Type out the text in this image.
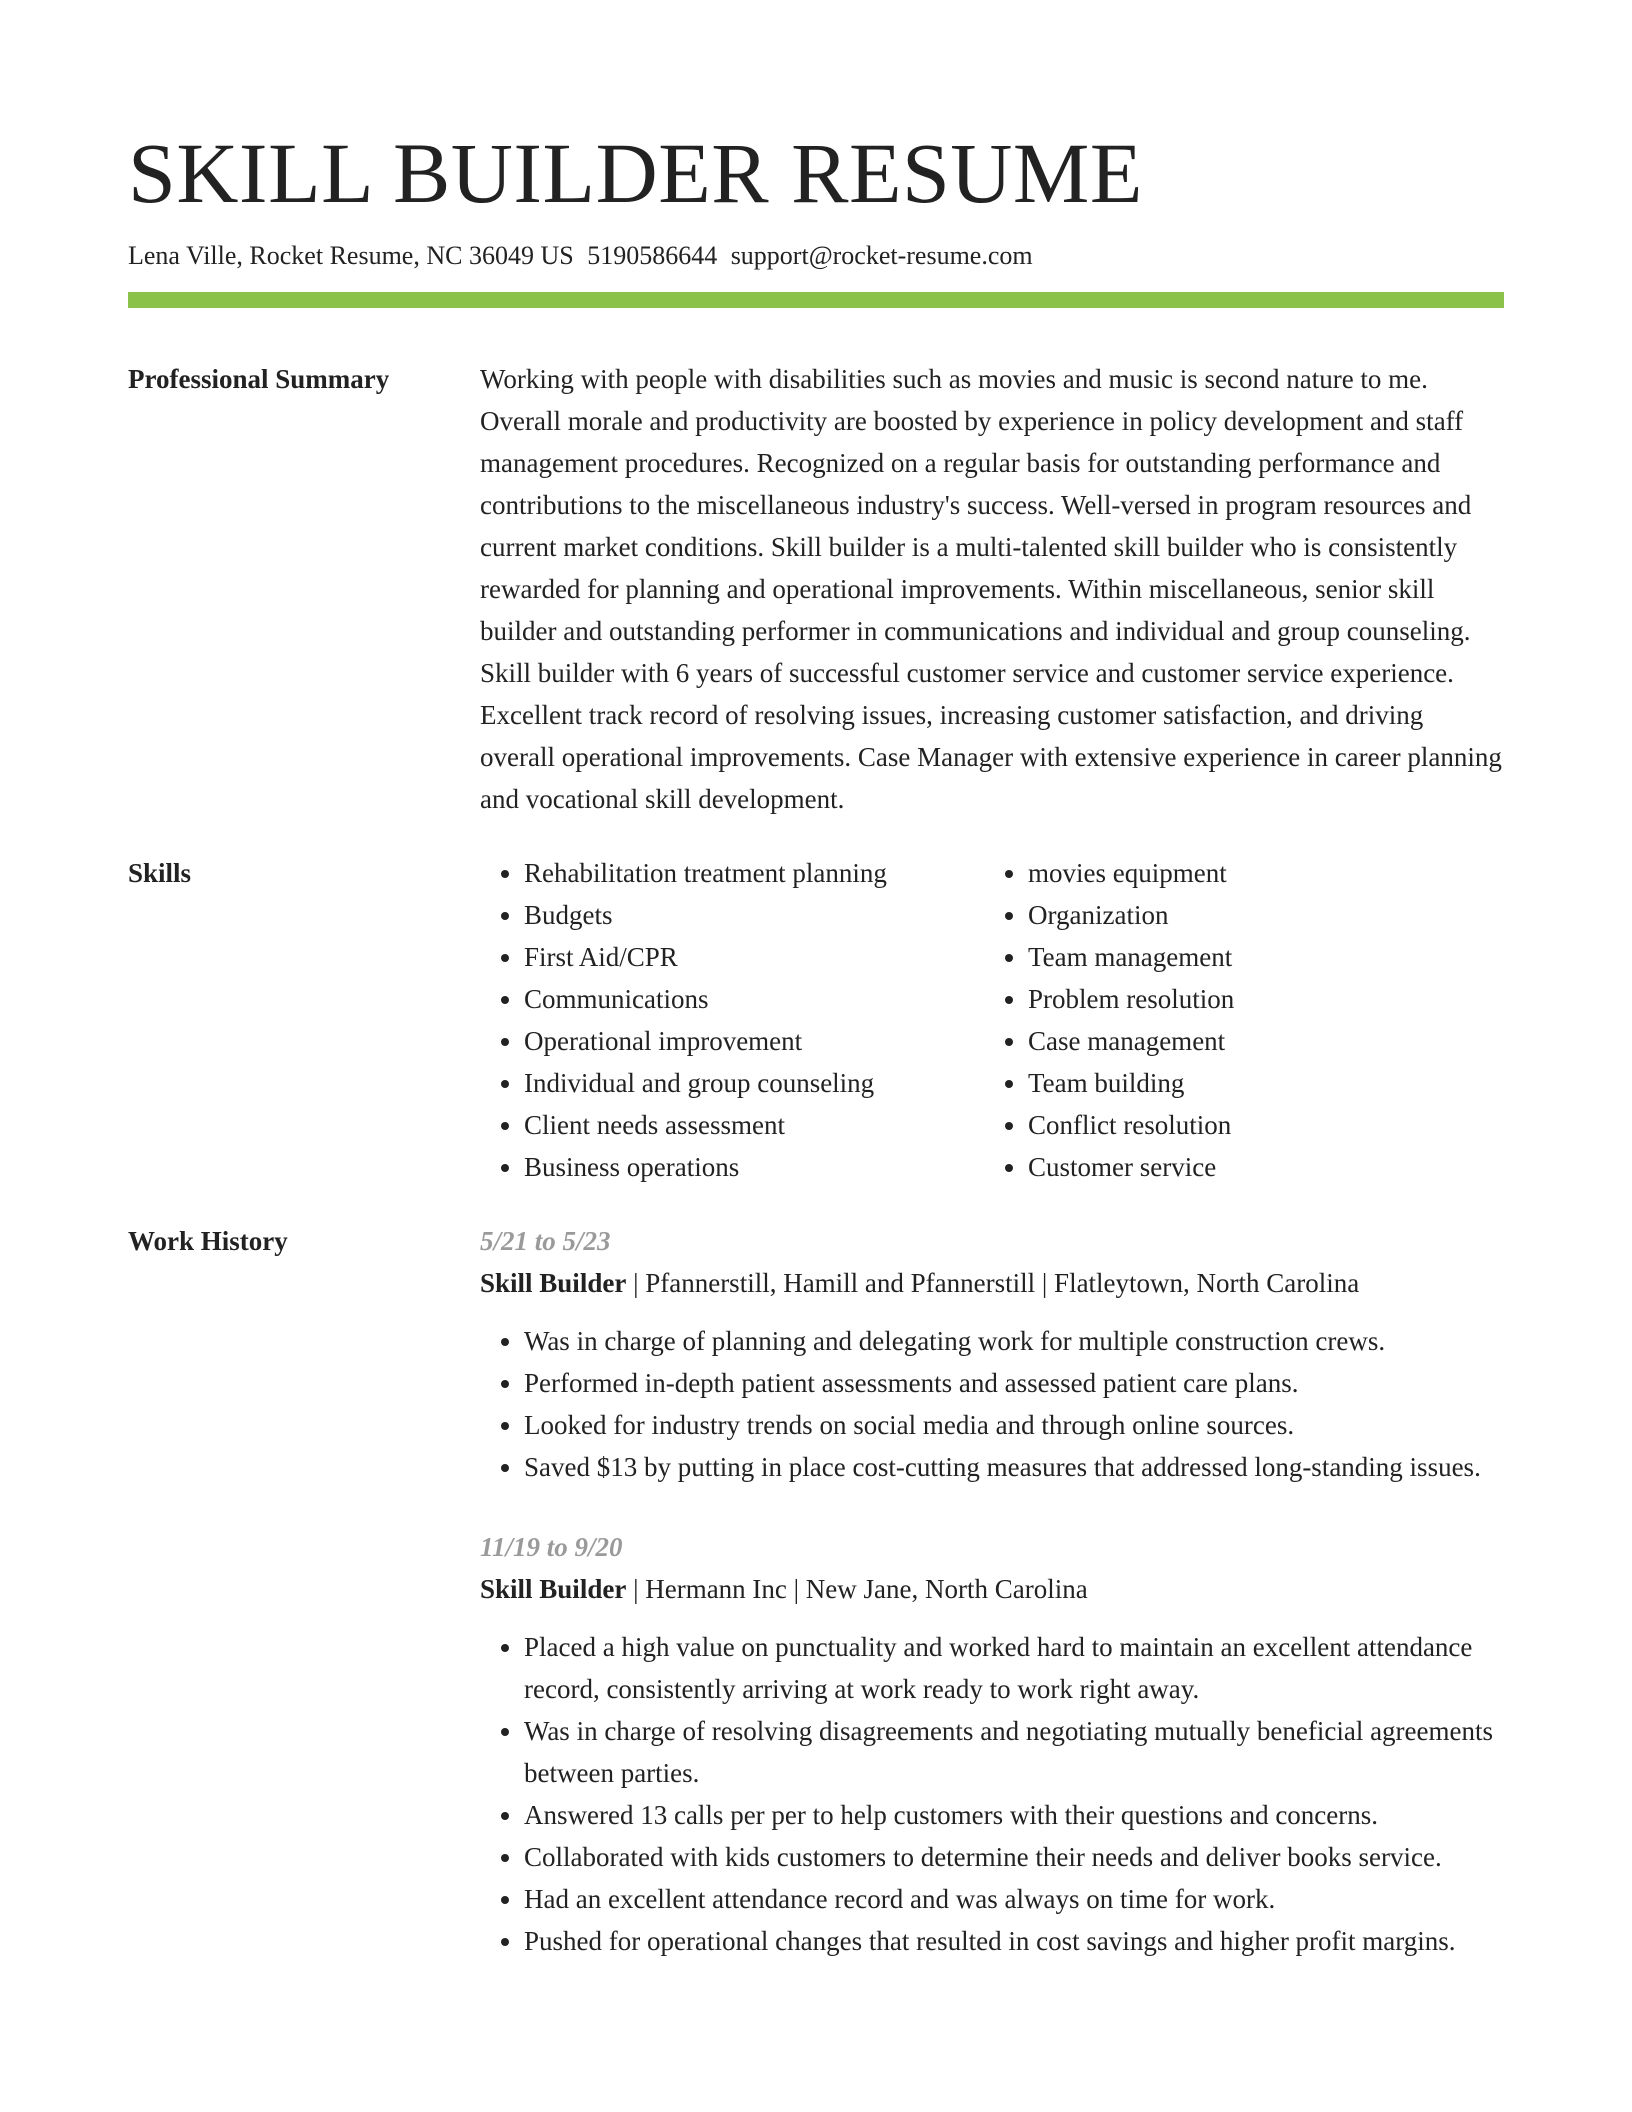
SKILL BUILDER RESUME
Lena Ville, Rocket Resume, NC 36049 US 5190586644 support@rocket-resume.com
Professional Summary	Working with people with disabilities such as movies and music is second nature to me. Overall morale and productivity are boosted by experience in policy development and staff management procedures. Recognized on a regular basis for outstanding performance and contributions to the miscellaneous industry's success. Well-versed in program resources and current market conditions. Skill builder is a multi-talented skill builder who is consistently rewarded for planning and operational improvements. Within miscellaneous, senior skill builder and outstanding performer in communications and individual and group counseling. Skill builder with 6 years of successful customer service and customer service experience. Excellent track record of resolving issues, increasing customer satisfaction, and driving overall operational improvements. Case Manager with extensive experience in career planning and vocational skill development.

Skills
•	Rehabilitation treatment planning
• Budgets
• First Aid/CPR
• Communications
• Operational improvement
• Individual and group counseling
• Client needs assessment
• Business operations
• movies equipment
• Organization
• Team management
• Problem resolution
• Case management
• Team building
• Conflict resolution
• Customer service
Work History	5/21 to 5/23
Skill Builder | Pfannerstill, Hamill and Pfannerstill | Flatleytown, North Carolina
• Was in charge of planning and delegating work for multiple construction crews.
• Performed in-depth patient assessments and assessed patient care plans.
• Looked for industry trends on social media and through online sources.
• Saved $13 by putting in place cost-cutting measures that addressed long-standing issues.
11/19 to 9/20
Skill Builder | Hermann Inc | New Jane, North Carolina
• Placed a high value on punctuality and worked hard to maintain an excellent attendance record, consistently arriving at work ready to work right away.
• Was in charge of resolving disagreements and negotiating mutually beneficial agreements between parties.
• Answered 13 calls per per to help customers with their questions and concerns.
• Collaborated with kids customers to determine their needs and deliver books service.
• Had an excellent attendance record and was always on time for work.
• Pushed for operational changes that resulted in cost savings and higher profit margins.
